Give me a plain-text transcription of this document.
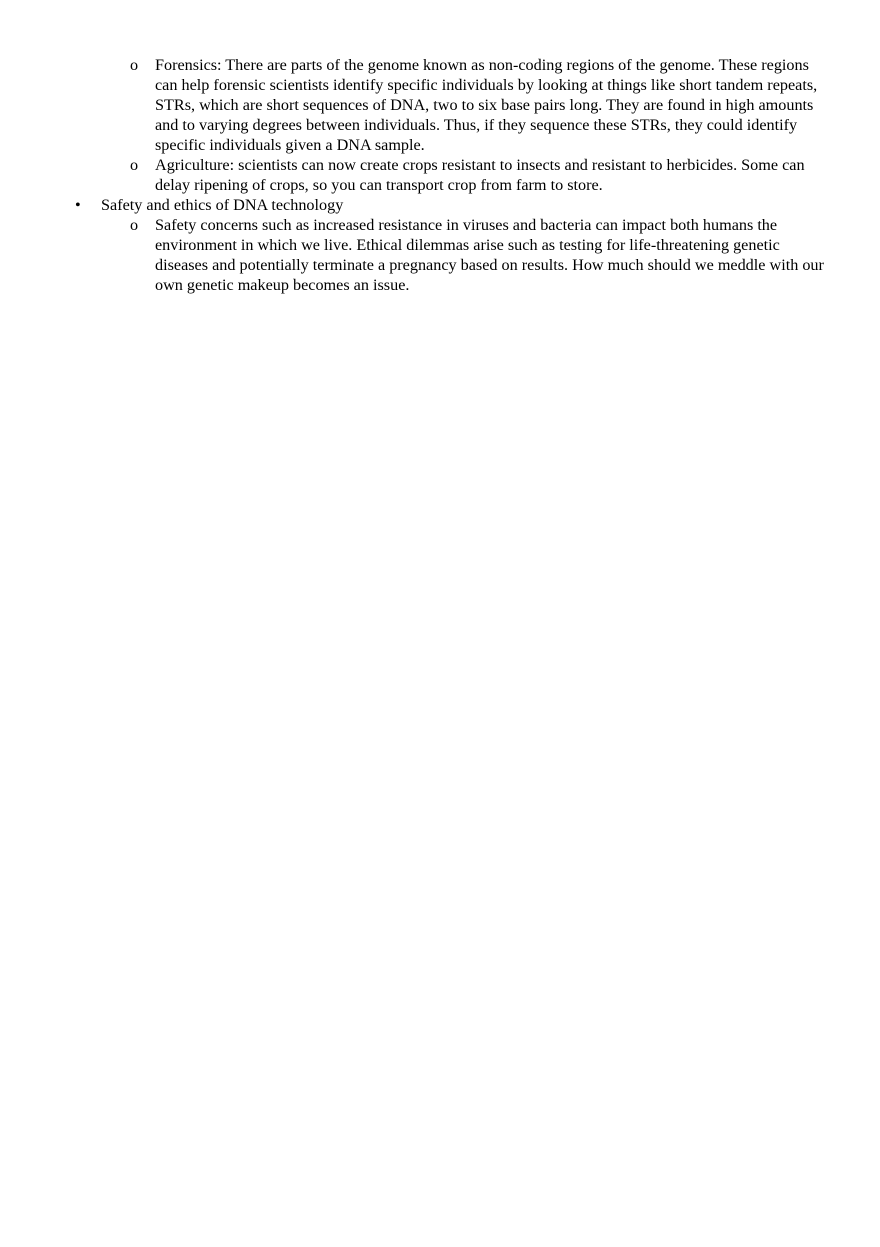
o Forensics: There are parts of the genome known as non-coding regions of the genome. These regions can help forensic scientists identify specific individuals by looking at things like short tandem repeats, STRs, which are short sequences of DNA, two to six base pairs long. They are found in high amounts and to varying degrees between individuals. Thus, if they sequence these STRs, they could identify specific individuals given a DNA sample.
o Agriculture: scientists can now create crops resistant to insects and resistant to herbicides. Some can delay ripening of crops, so you can transport crop from farm to store.
• Safety and ethics of DNA technology
o Safety concerns such as increased resistance in viruses and bacteria can impact both humans the environment in which we live. Ethical dilemmas arise such as testing for life-threatening genetic diseases and potentially terminate a pregnancy based on results. How much should we meddle with our own genetic makeup becomes an issue.
